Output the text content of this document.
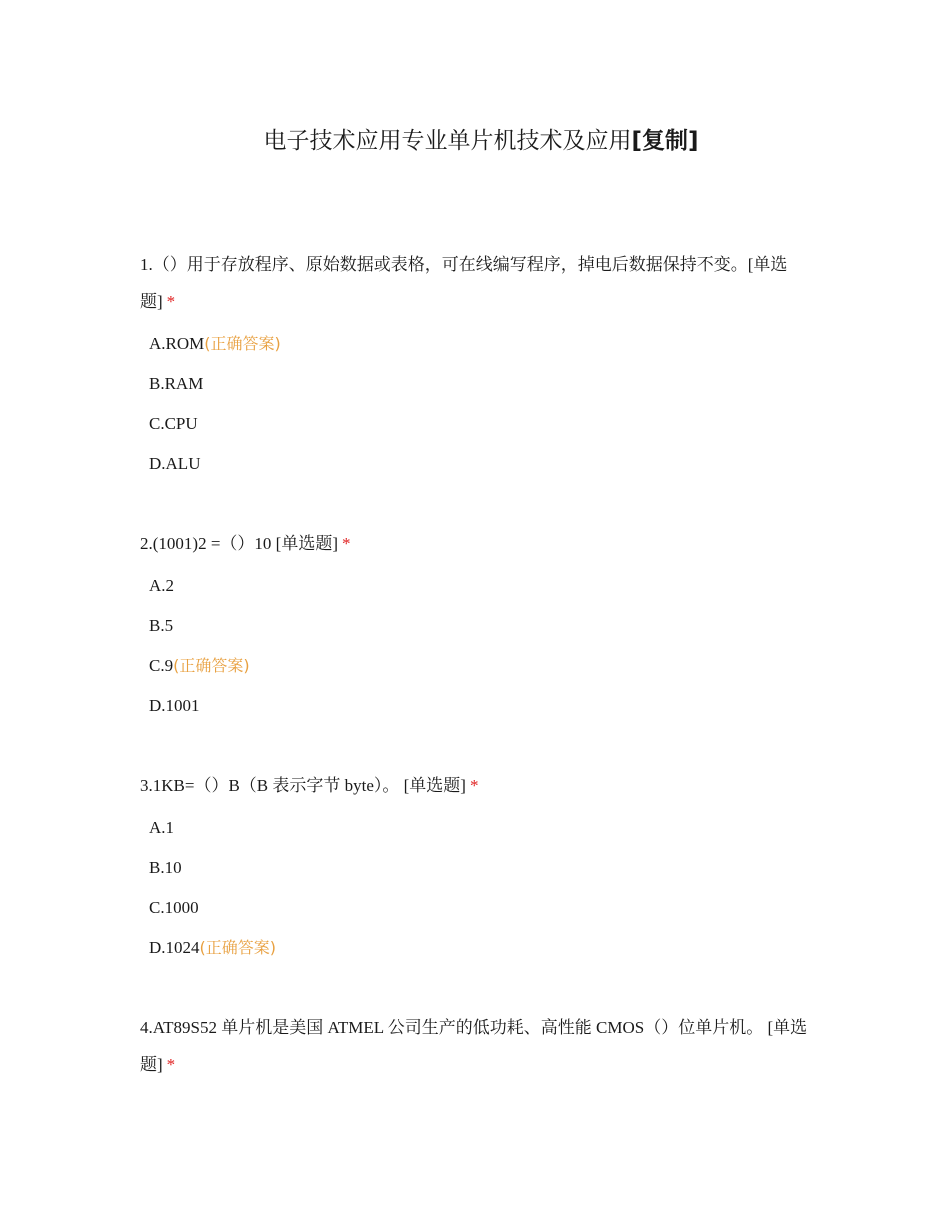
电子技术应用专业单片机技术及应用[复制]

1.（）用于存放程序、原始数据或表格，可在线编写程序，掉电后数据保持不变。[单选题] *

A.ROM(正确答案)
B.RAM
C.CPU
D.ALU

2.(1001)2 =（）10 [单选题] *

A.2
B.5
C.9(正确答案)
D.1001

3.1KB=（）B（B 表示字节 byte）。 [单选题] *

A.1
B.10
C.1000
D.1024(正确答案)

4.AT89S52 单片机是美国 ATMEL 公司生产的低功耗、高性能 CMOS（）位单片机。 [单选题] *
